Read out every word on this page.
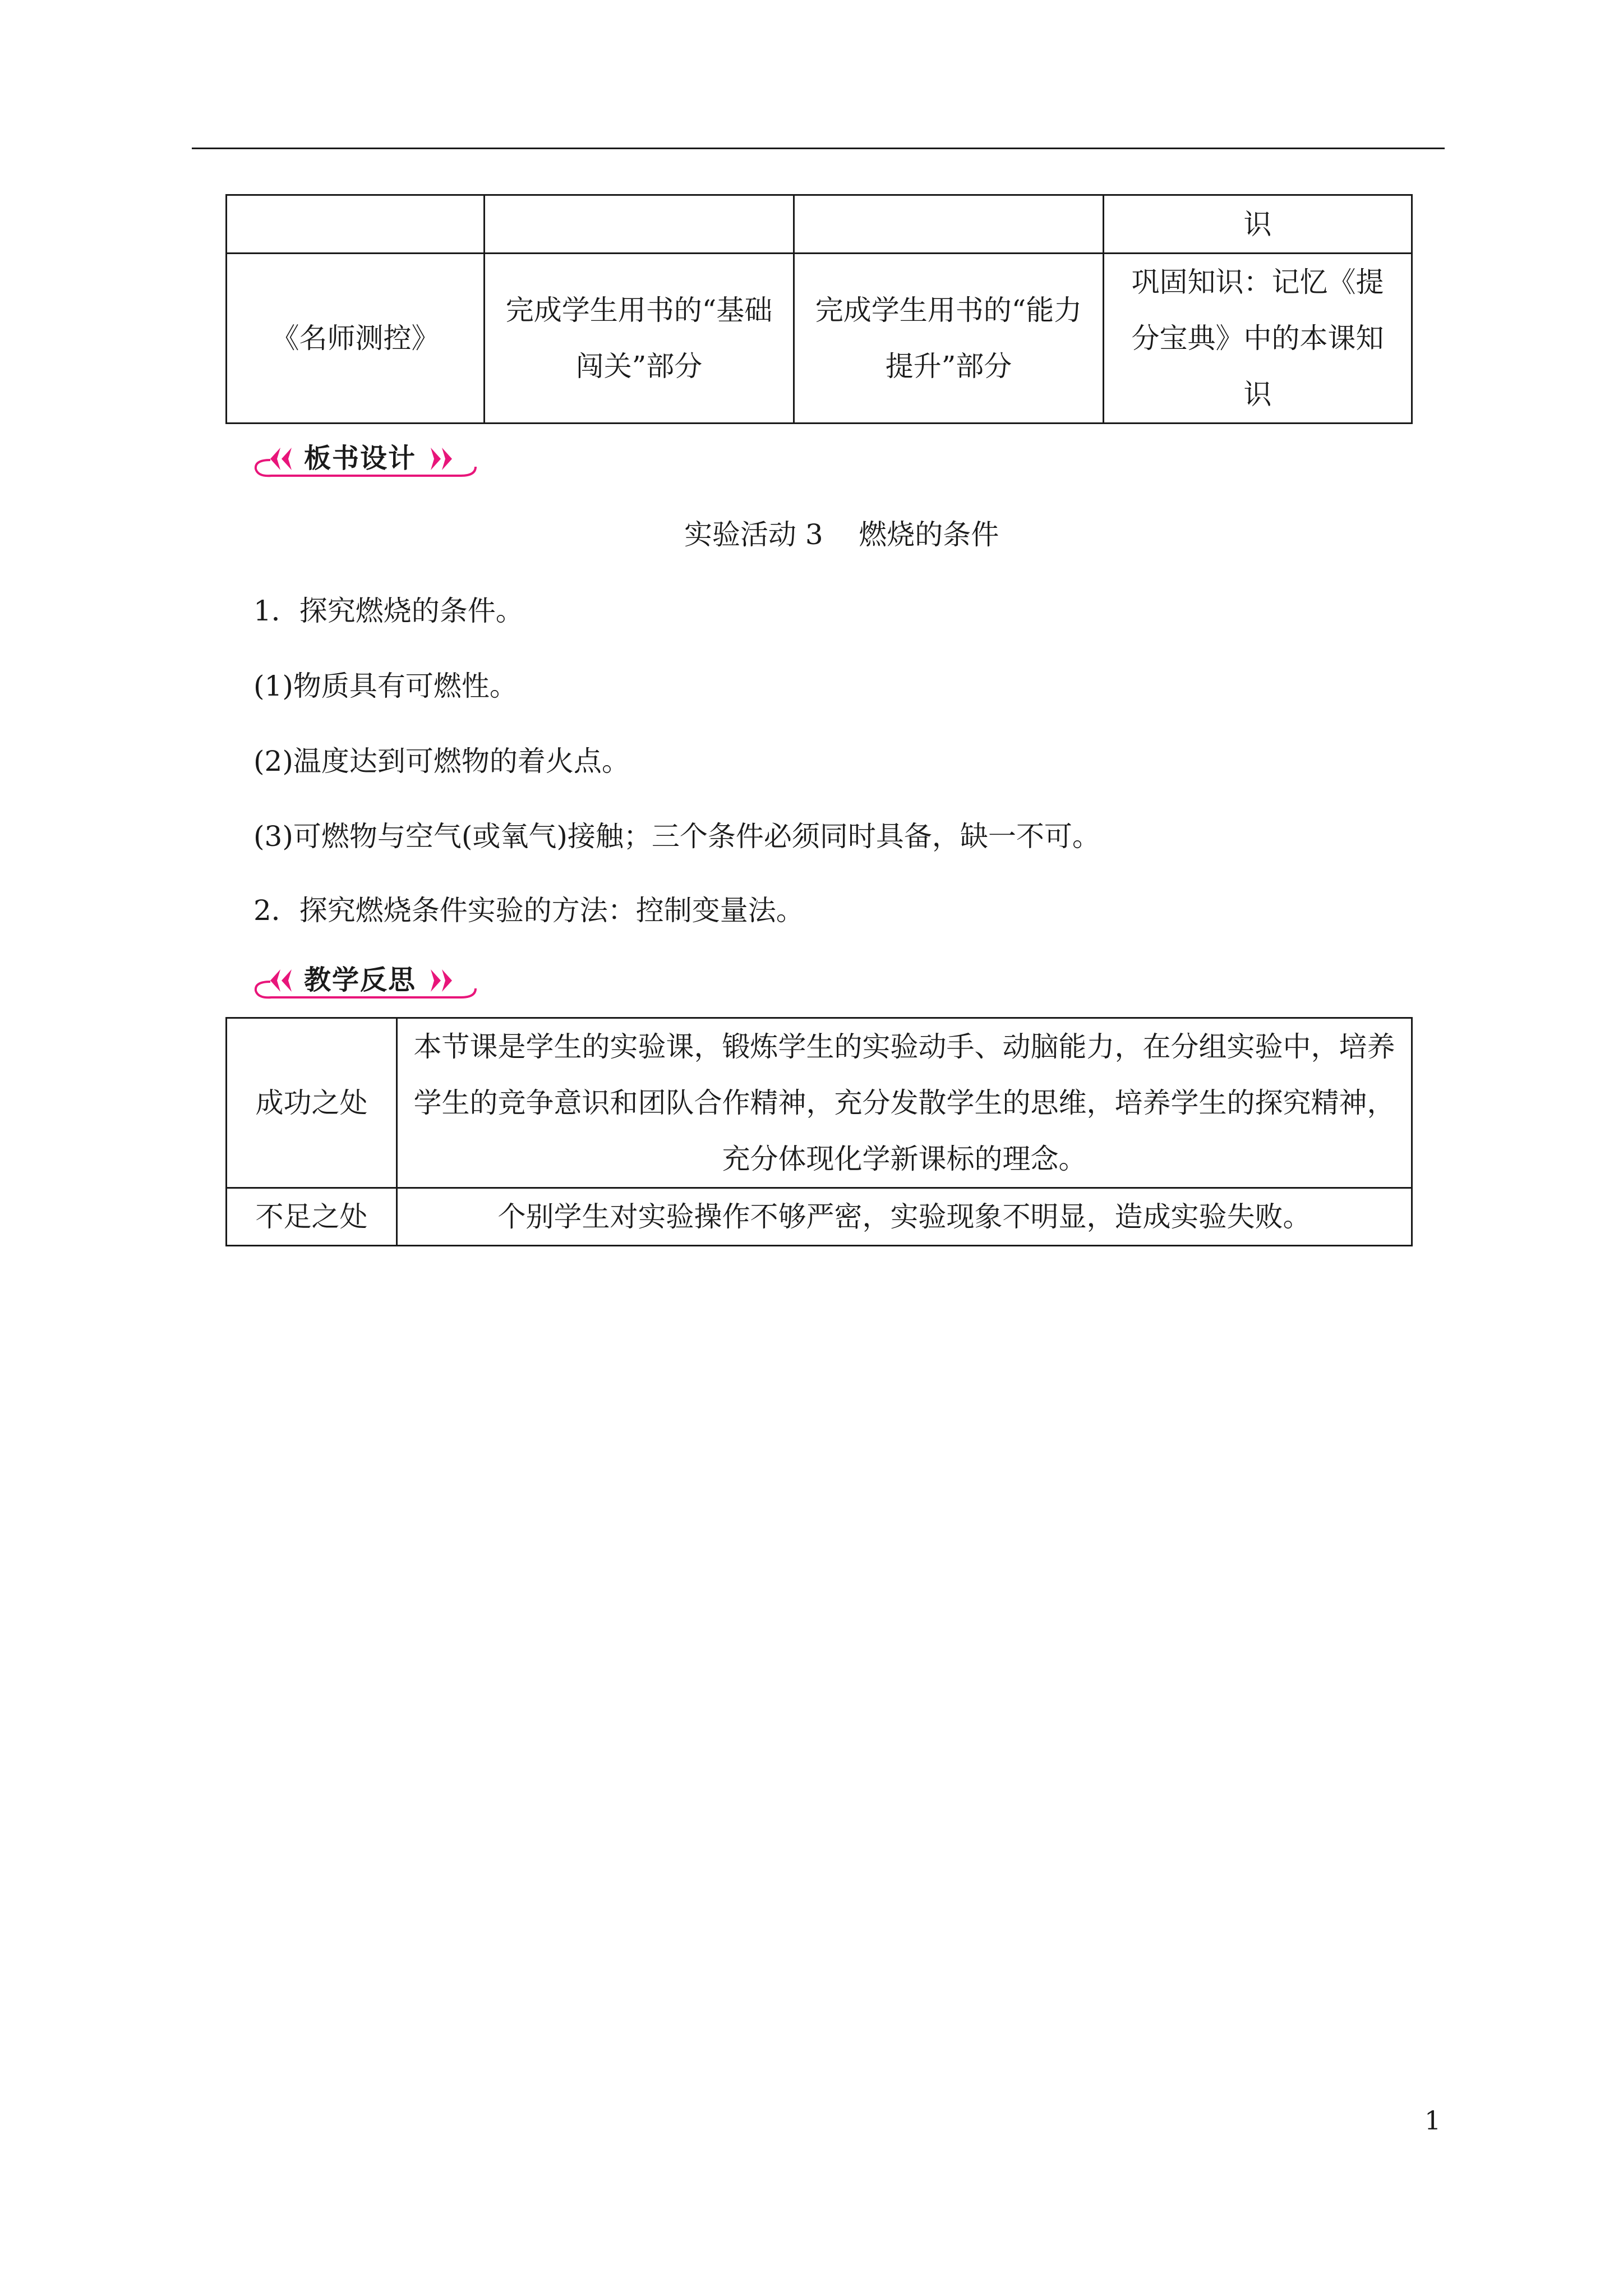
			识
《名师测控》	完成学生用书的“基础闯关”部分	完成学生用书的“能力提升”部分	巩固知识：记忆《提分宝典》中的本课知识
板书设计
实验活动 3    燃烧的条件
1．探究燃烧的条件。
(1)物质具有可燃性。
(2)温度达到可燃物的着火点。
(3)可燃物与空气(或氧气)接触；三个条件必须同时具备，缺一不可。
2．探究燃烧条件实验的方法：控制变量法。
教学反思
成功之处	本节课是学生的实验课，锻炼学生的实验动手、动脑能力，在分组实验中，培养学生的竞争意识和团队合作精神，充分发散学生的思维，培养学生的探究精神，充分体现化学新课标的理念。
不足之处	个别学生对实验操作不够严密，实验现象不明显，造成实验失败。
1
